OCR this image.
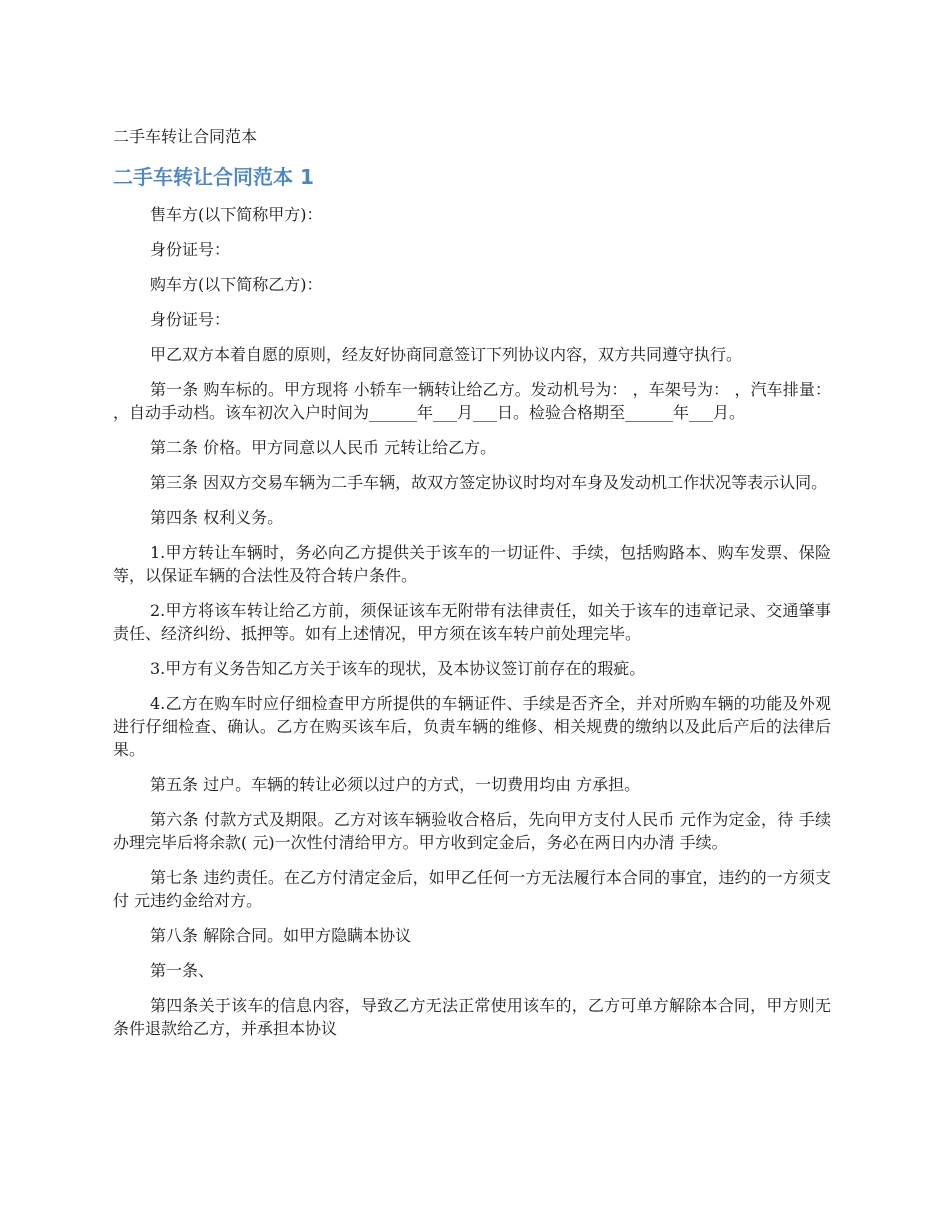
二手车转让合同范本
二手车转让合同范本 1

售车方(以下简称甲方)：

身份证号：

购车方(以下简称乙方)：

身份证号：

甲乙双方本着自愿的原则，经友好协商同意签订下列协议内容，双方共同遵守执行。

第一条 购车标的。甲方现将 小轿车一辆转让给乙方。发动机号为： ，车架号为： ，汽车排量： ，自动手动档。该车初次入户时间为______年___月___日。检验合格期至______年___月。

第二条 价格。甲方同意以人民币 元转让给乙方。

第三条 因双方交易车辆为二手车辆，故双方签定协议时均对车身及发动机工作状况等表示认同。

第四条 权利义务。

1.甲方转让车辆时，务必向乙方提供关于该车的一切证件、手续，包括购路本、购车发票、保险等，以保证车辆的合法性及符合转户条件。

2.甲方将该车转让给乙方前，须保证该车无附带有法律责任，如关于该车的违章记录、交通肇事责任、经济纠纷、抵押等。如有上述情况，甲方须在该车转户前处理完毕。

3.甲方有义务告知乙方关于该车的现状，及本协议签订前存在的瑕疵。

4.乙方在购车时应仔细检查甲方所提供的车辆证件、手续是否齐全，并对所购车辆的功能及外观进行仔细检查、确认。乙方在购买该车后，负责车辆的维修、相关规费的缴纳以及此后产后的法律后果。

第五条 过户。车辆的转让必须以过户的方式，一切费用均由 方承担。

第六条 付款方式及期限。乙方对该车辆验收合格后，先向甲方支付人民币 元作为定金，待 手续办理完毕后将余款( 元)一次性付清给甲方。甲方收到定金后，务必在两日内办清 手续。

第七条 违约责任。在乙方付清定金后，如甲乙任何一方无法履行本合同的事宜，违约的一方须支付 元违约金给对方。

第八条 解除合同。如甲方隐瞒本协议

第一条、

第四条关于该车的信息内容，导致乙方无法正常使用该车的，乙方可单方解除本合同，甲方则无条件退款给乙方，并承担本协议
